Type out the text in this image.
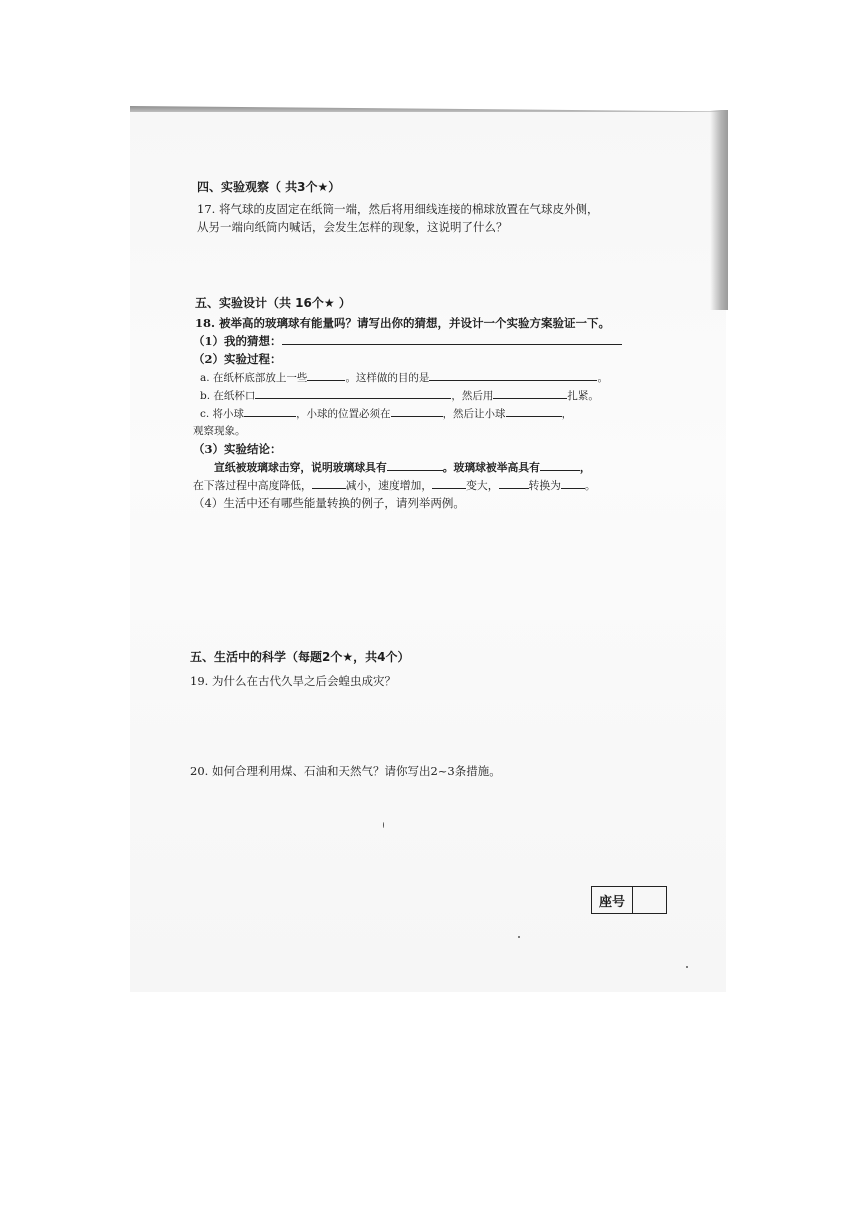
四、实验观察（ 共3个★）
17. 将气球的皮固定在纸筒一端，然后将用细线连接的棉球放置在气球皮外侧，
从另一端向纸筒内喊话，会发生怎样的现象，这说明了什么？
五、实验设计（共 16个★ ）
18. 被举高的玻璃球有能量吗？请写出你的猜想，并设计一个实验方案验证一下。
（1）我的猜想：
（2）实验过程：
a. 在纸杯底部放上一些	。这样做的目的是	。
b. 在纸杯口	，然后用	扎紧。
c. 将小球	，小球的位置必须在	，然后让小球	，
观察现象。
（3）实验结论：
宣纸被玻璃球击穿，说明玻璃球具有	。玻璃球被举高具有	，
在下落过程中高度降低，	减小，速度增加，	变大，	转换为 。
（4）生活中还有哪些能量转换的例子，请列举两例。
五、生活中的科学（每题2个★，共4个）
19. 为什么在古代久旱之后会蝗虫成灾？
20. 如何合理利用煤、石油和天然气？请你写出2~3条措施。
座号
